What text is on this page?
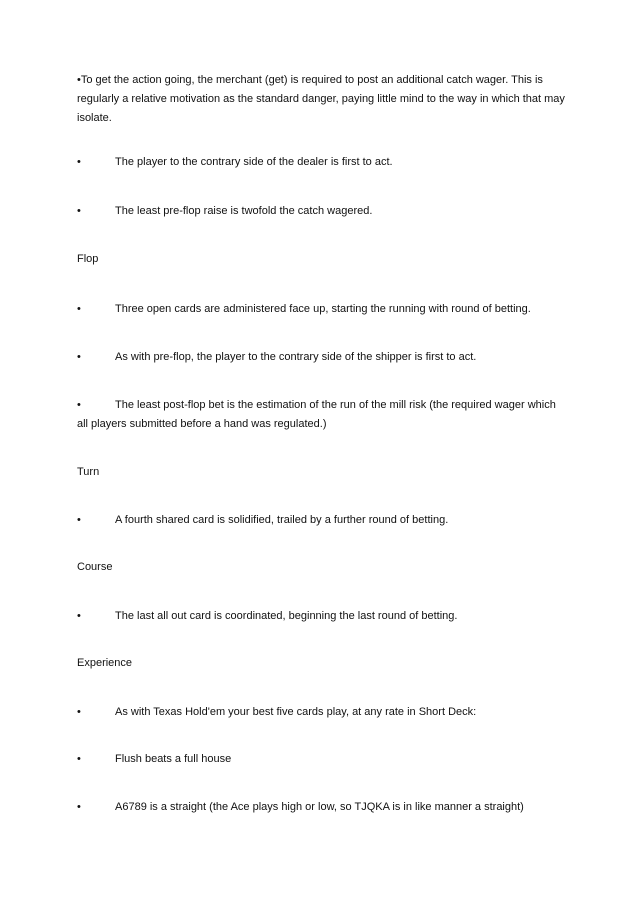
•To get the action going, the merchant (get) is required to post an additional catch wager. This is regularly a relative motivation as the standard danger, paying little mind to the way in which that may isolate.
•	The player to the contrary side of the dealer is first to act.
•	The least pre-flop raise is twofold the catch wagered.
Flop
•	Three open cards are administered face up, starting the running with round of betting.
•	As with pre-flop, the player to the contrary side of the shipper is first to act.
•	The least post-flop bet is the estimation of the run of the mill risk (the required wager which
all players submitted before a hand was regulated.)
Turn
•	A fourth shared card is solidified, trailed by a further round of betting.
Course
•	The last all out card is coordinated, beginning the last round of betting.
Experience
•	As with Texas Hold'em your best five cards play, at any rate in Short Deck:
•	Flush beats a full house
•	A6789 is a straight (the Ace plays high or low, so TJQKA is in like manner a straight)
